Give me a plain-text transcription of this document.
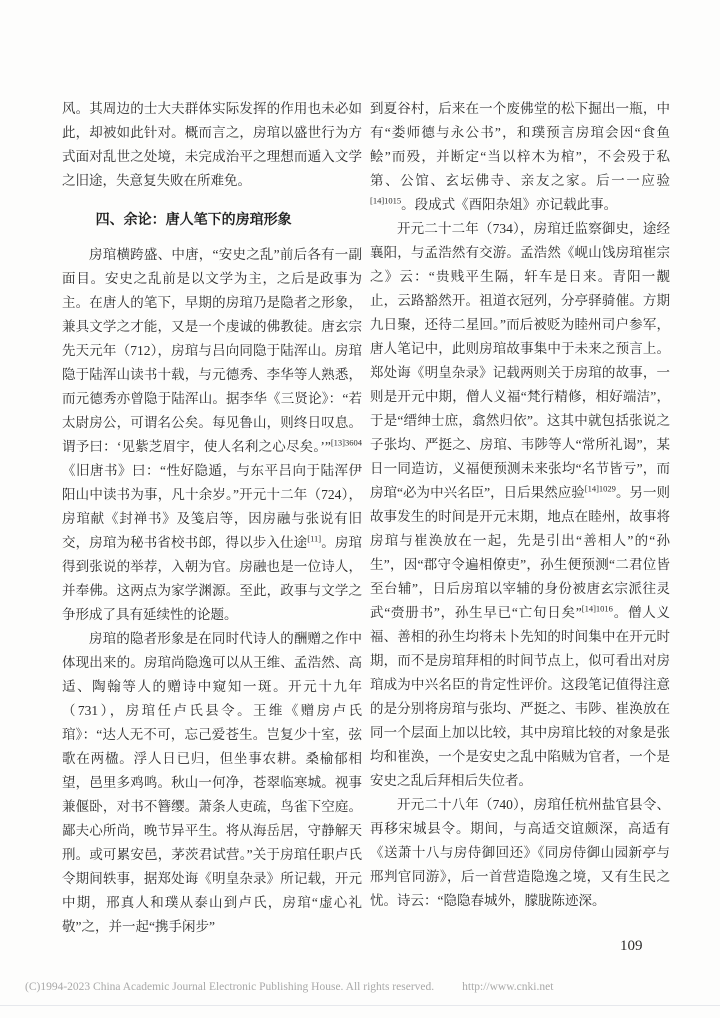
风。其周边的士大夫群体实际发挥的作用也未必如此，却被如此针对。概而言之，房琯以盛世行为方式面对乱世之处境，未完成治平之理想而遁入文学之旧途，失意复失败在所难免。

四、余论：唐人笔下的房琯形象

房琯横跨盛、中唐，“安史之乱”前后各有一副面目。安史之乱前是以文学为主，之后是政事为主。在唐人的笔下，早期的房琯乃是隐者之形象，兼具文学之才能，又是一个虔诚的佛教徒。唐玄宗先天元年（712），房琯与吕向同隐于陆浑山。房琯隐于陆浑山读书十载，与元德秀、李华等人熟悉，而元德秀亦曾隐于陆浑山。据李华《三贤论》：“若太尉房公，可谓名公矣。每见鲁山，则终日叹息。谓予曰：‘见紫芝眉宇，使人名利之心尽矣。’”$^{[13]3604}$ 《旧唐书》曰：“性好隐遁，与东平吕向于陆浑伊阳山中读书为事，凡十余岁。”开元十二年（724），房琯献《封禅书》及笺启等，因房融与张说有旧交，房琯为秘书省校书郎，得以步入仕途[11]。房琯得到张说的举荐，入朝为官。房融也是一位诗人，并奉佛。这两点为家学渊源。至此，政事与文学之争形成了具有延续性的论题。

房琯的隐者形象是在同时代诗人的酬赠之作中体现出来的。房琯尚隐逸可以从王维、孟浩然、高适、陶翰等人的赠诗中窥知一斑。开元十九年（731），房琯任卢氏县令。王维《赠房卢氏琯》：“达人无不可，忘己爱苍生。岂复少十室，弦歌在两楹。浮人日已归，但坐事农耕。桑榆郁相望，邑里多鸡鸣。秋山一何净，苍翠临寒城。视事兼偃卧，对书不簪缨。萧条人吏疏，鸟雀下空庭。鄙夫心所尚，晚节异平生。将从海岳居，守静解天刑。或可累安邑，茅茨君试营。”关于房琯任职卢氏令期间轶事，据郑处诲《明皇杂录》所记载，开元中期，邢真人和璞从泰山到卢氏，房琯“虚心礼敬”之，并一起“携手闲步”

到夏谷村，后来在一个废佛堂的松下掘出一瓶，中有“娄师德与永公书”，和璞预言房琯会因“食鱼鲙”而殁，并断定“当以梓木为棺”，不会殁于私第、公馆、玄坛佛寺、亲友之家。后一一应验$^{[14]1015}$。段成式《酉阳杂俎》亦记载此事。

开元二十二年（734），房琯迁监察御史，途经襄阳，与孟浩然有交游。孟浩然《岘山饯房琯崔宗之》云：“贵贱平生隔，轩车是日来。青阳一觏止，云路豁然开。祖道衣冠列，分亭驿骑催。方期九日聚，还待二星回。”而后被贬为睦州司户参军，唐人笔记中，此则房琯故事集中于未来之预言上。郑处诲《明皇杂录》记载两则关于房琯的故事，一则是开元中期，僧人义福“梵行精修，相好端洁”，于是“缙绅士庶，翕然归依”。这其中就包括张说之子张均、严挺之、房琯、韦陟等人“常所礼谒”，某日一同造访，义福便预测未来张均“名节皆亏”，而房琯“必为中兴名臣”，日后果然应验$^{[14]1029}$。另一则故事发生的时间是开元末期，地点在睦州，故事将房琯与崔涣放在一起，先是引出“善相人”的“孙生”，因“郡守令遍相僚吏”，孙生便预测“二君位皆至台辅”，日后房琯以宰辅的身份被唐玄宗派往灵武“赍册书”，孙生早已“亡旬日矣”$^{[14]1016}$。僧人义福、善相的孙生均将未卜先知的时间集中在开元时期，而不是房琯拜相的时间节点上，似可看出对房琯成为中兴名臣的肯定性评价。这段笔记值得注意的是分别将房琯与张均、严挺之、韦陟、崔涣放在同一个层面上加以比较，其中房琯比较的对象是张均和崔涣，一个是安史之乱中陷贼为官者，一个是安史之乱后拜相后失位者。

开元二十八年（740），房琯任杭州盐官县令、再移宋城县令。期间，与高适交谊颇深，高适有《送萧十八与房侍御回还》《同房侍御山园新亭与邢判官同游》，后一首营造隐逸之境，又有生民之忧。诗云：“隐隐春城外，朦胧陈迹深。

109
(C)1994-2023 China Academic Journal Electronic Publishing House. All rights reserved. http://www.cnki.net
